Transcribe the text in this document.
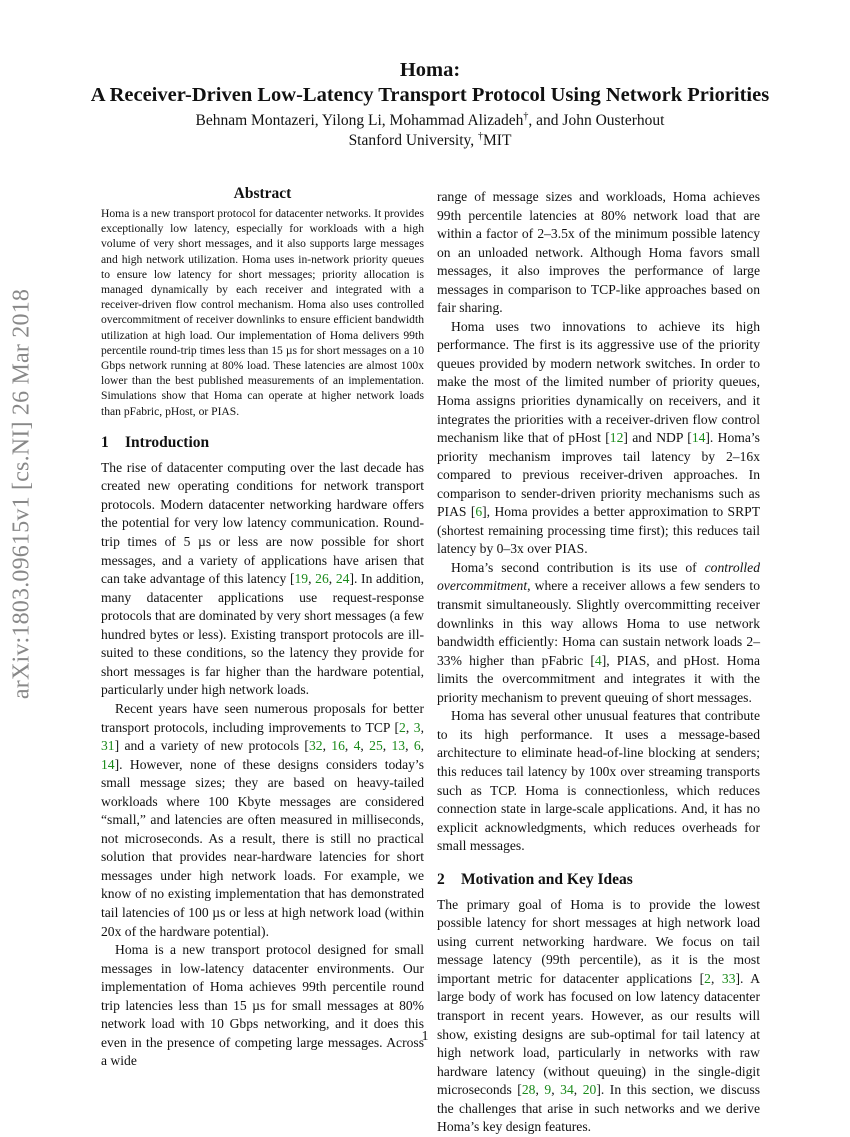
arXiv:1803.09615v1 [cs.NI] 26 Mar 2018
Homa:
A Receiver-Driven Low-Latency Transport Protocol Using Network Priorities
Behnam Montazeri, Yilong Li, Mohammad Alizadeh†, and John Ousterhout
Stanford University, †MIT
Abstract

Homa is a new transport protocol for datacenter networks. It provides exceptionally low latency, especially for workloads with a high volume of very short messages, and it also supports large messages and high network utilization. Homa uses in-network priority queues to ensure low latency for short messages; priority allocation is managed dynamically by each receiver and integrated with a receiver-driven flow control mechanism. Homa also uses controlled overcommitment of receiver downlinks to ensure efficient bandwidth utilization at high load. Our implementation of Homa delivers 99th percentile round-trip times less than 15 µs for short messages on a 10 Gbps network running at 80% load. These latencies are almost 100x lower than the best published measurements of an implementation. Simulations show that Homa can operate at higher network loads than pFabric, pHost, or PIAS.

1 Introduction

The rise of datacenter computing over the last decade has created new operating conditions for network transport protocols. Modern datacenter networking hardware offers the potential for very low latency communication. Round-trip times of 5 µs or less are now possible for short messages, and a variety of applications have arisen that can take advantage of this latency [19, 26, 24]. In addition, many datacenter applications use request-response protocols that are dominated by very short messages (a few hundred bytes or less). Existing transport protocols are ill-suited to these conditions, so the latency they provide for short messages is far higher than the hardware potential, particularly under high network loads.

Recent years have seen numerous proposals for better transport protocols, including improvements to TCP [2, 3, 31] and a variety of new protocols [32, 16, 4, 25, 13, 6, 14]. However, none of these designs considers today’s small message sizes; they are based on heavy-tailed workloads where 100 Kbyte messages are considered “small,” and latencies are often measured in milliseconds, not microseconds. As a result, there is still no practical solution that provides near-hardware latencies for short messages under high network loads. For example, we know of no existing implementation that has demonstrated tail latencies of 100 µs or less at high network load (within 20x of the hardware potential).

Homa is a new transport protocol designed for small messages in low-latency datacenter environments. Our implementation of Homa achieves 99th percentile round trip latencies less than 15 µs for small messages at 80% network load with 10 Gbps networking, and it does this even in the presence of competing large messages. Across a wide

range of message sizes and workloads, Homa achieves 99th percentile latencies at 80% network load that are within a factor of 2–3.5x of the minimum possible latency on an unloaded network. Although Homa favors small messages, it also improves the performance of large messages in comparison to TCP-like approaches based on fair sharing.

Homa uses two innovations to achieve its high performance. The first is its aggressive use of the priority queues provided by modern network switches. In order to make the most of the limited number of priority queues, Homa assigns priorities dynamically on receivers, and it integrates the priorities with a receiver-driven flow control mechanism like that of pHost [12] and NDP [14]. Homa’s priority mechanism improves tail latency by 2–16x compared to previous receiver-driven approaches. In comparison to sender-driven priority mechanisms such as PIAS [6], Homa provides a better approximation to SRPT (shortest remaining processing time first); this reduces tail latency by 0–3x over PIAS.

Homa’s second contribution is its use of controlled overcommitment, where a receiver allows a few senders to transmit simultaneously. Slightly overcommitting receiver downlinks in this way allows Homa to use network bandwidth efficiently: Homa can sustain network loads 2–33% higher than pFabric [4], PIAS, and pHost. Homa limits the overcommitment and integrates it with the priority mechanism to prevent queuing of short messages.

Homa has several other unusual features that contribute to its high performance. It uses a message-based architecture to eliminate head-of-line blocking at senders; this reduces tail latency by 100x over streaming transports such as TCP. Homa is connectionless, which reduces connection state in large-scale applications. And, it has no explicit acknowledgments, which reduces overheads for small messages.

2 Motivation and Key Ideas

The primary goal of Homa is to provide the lowest possible latency for short messages at high network load using current networking hardware. We focus on tail message latency (99th percentile), as it is the most important metric for datacenter applications [2, 33]. A large body of work has focused on low latency datacenter transport in recent years. However, as our results will show, existing designs are sub-optimal for tail latency at high network load, particularly in networks with raw hardware latency (without queuing) in the single-digit microseconds [28, 9, 34, 20]. In this section, we discuss the challenges that arise in such networks and we derive Homa’s key design features.

1
